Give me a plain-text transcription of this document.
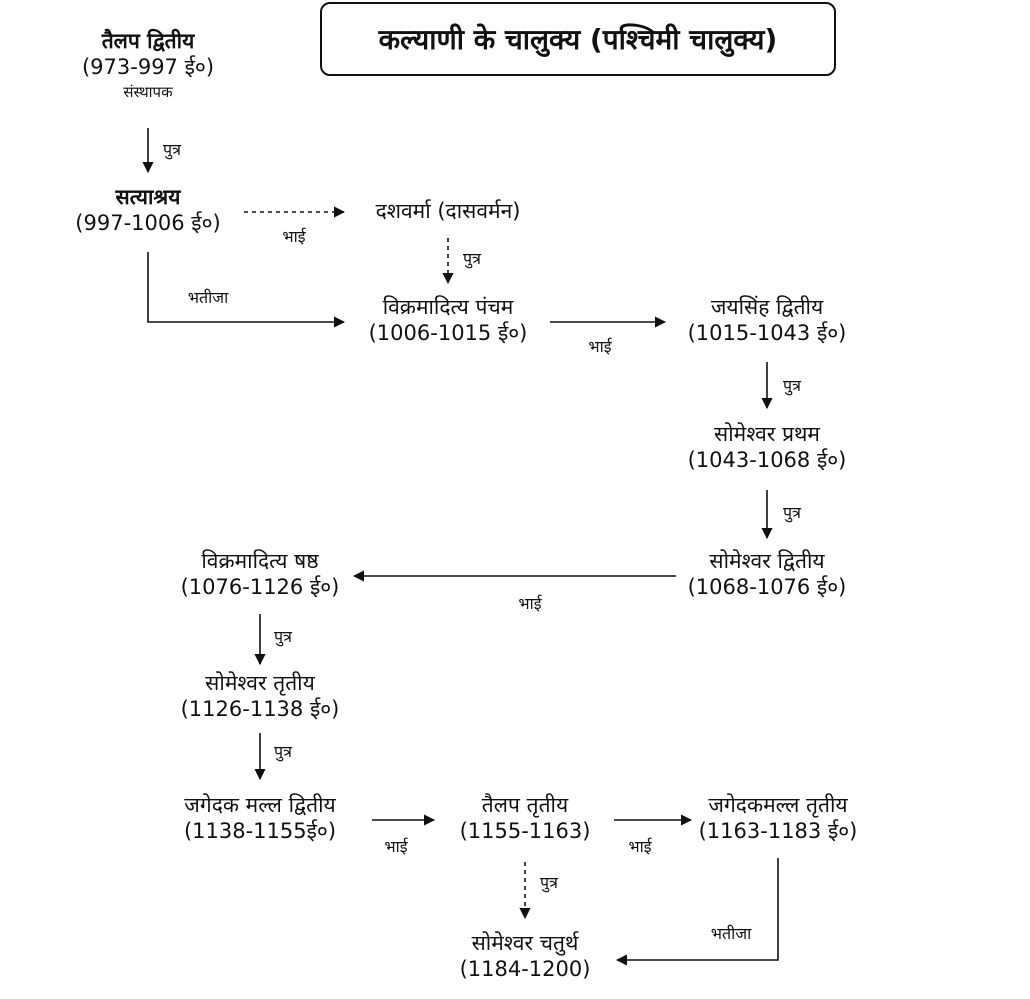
कल्याणी के चालुक्य (पश्चिमी चालुक्य)
तैलप द्वितीय
(973-997 ई०)
संस्थापक
सत्याश्रय
(997-1006 ई०)
दशवर्मा (दासवर्मन)
विक्रमादित्य पंचम
(1006-1015 ई०)
जयसिंह द्वितीय
(1015-1043 ई०)
सोमेश्वर प्रथम
(1043-1068 ई०)
सोमेश्वर द्वितीय
(1068-1076 ई०)
विक्रमादित्य षष्ठ
(1076-1126 ई०)
सोमेश्वर तृतीय
(1126-1138 ई०)
जगेदक मल्ल द्वितीय
(1138-1155ई०)
तैलप तृतीय
(1155-1163)
जगेदकमल्ल तृतीय
(1163-1183 ई०)
सोमेश्वर चतुर्थ
(1184-1200)
पुत्र
भाई
पुत्र
भतीजा
भाई
पुत्र
पुत्र
भाई
पुत्र
पुत्र
भाई	भाई
पुत्र
भतीजा
